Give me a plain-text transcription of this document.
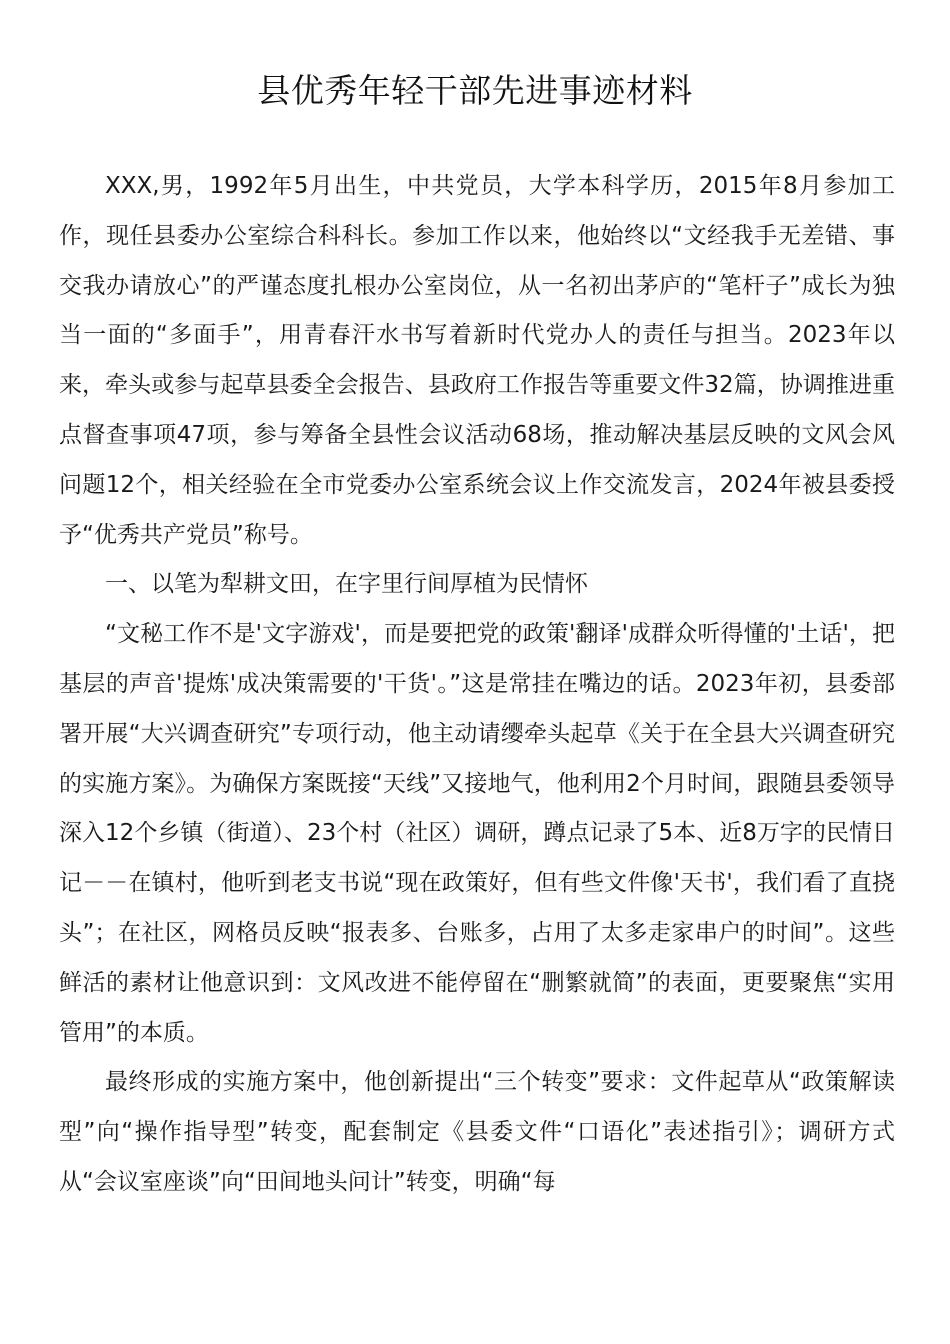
县优秀年轻干部先进事迹材料

XXX,男，1992年5月出生，中共党员，大学本科学历，2015年8月参加工作，现任县委办公室综合科科长。参加工作以来，他始终以“文经我手无差错、事交我办请放心”的严谨态度扎根办公室岗位，从一名初出茅庐的“笔杆子”成长为独当一面的“多面手”，用青春汗水书写着新时代党办人的责任与担当。2023年以来，牵头或参与起草县委全会报告、县政府工作报告等重要文件32篇，协调推进重点督查事项47项，参与筹备全县性会议活动68场，推动解决基层反映的文风会风问题12个，相关经验在全市党委办公室系统会议上作交流发言，2024年被县委授予“优秀共产党员”称号。

一、以笔为犁耕文田，在字里行间厚植为民情怀

“文秘工作不是'文字游戏'，而是要把党的政策'翻译'成群众听得懂的'土话'，把基层的声音'提炼'成决策需要的'干货'。”这是常挂在嘴边的话。2023年初，县委部署开展“大兴调查研究”专项行动，他主动请缨牵头起草《关于在全县大兴调查研究的实施方案》。为确保方案既接“天线”又接地气，他利用2个月时间，跟随县委领导深入12个乡镇（街道）、23个村（社区）调研，蹲点记录了5本、近8万字的民情日记－－在镇村，他听到老支书说“现在政策好，但有些文件像'天书'，我们看了直挠头”；在社区，网格员反映“报表多、台账多，占用了太多走家串户的时间”。这些鲜活的素材让他意识到：文风改进不能停留在“删繁就简”的表面，更要聚焦“实用管用”的本质。

最终形成的实施方案中，他创新提出“三个转变”要求：文件起草从“政策解读型”向“操作指导型”转变，配套制定《县委文件“口语化”表述指引》；调研方式从“会议室座谈”向“田间地头问计”转变，明确“每
